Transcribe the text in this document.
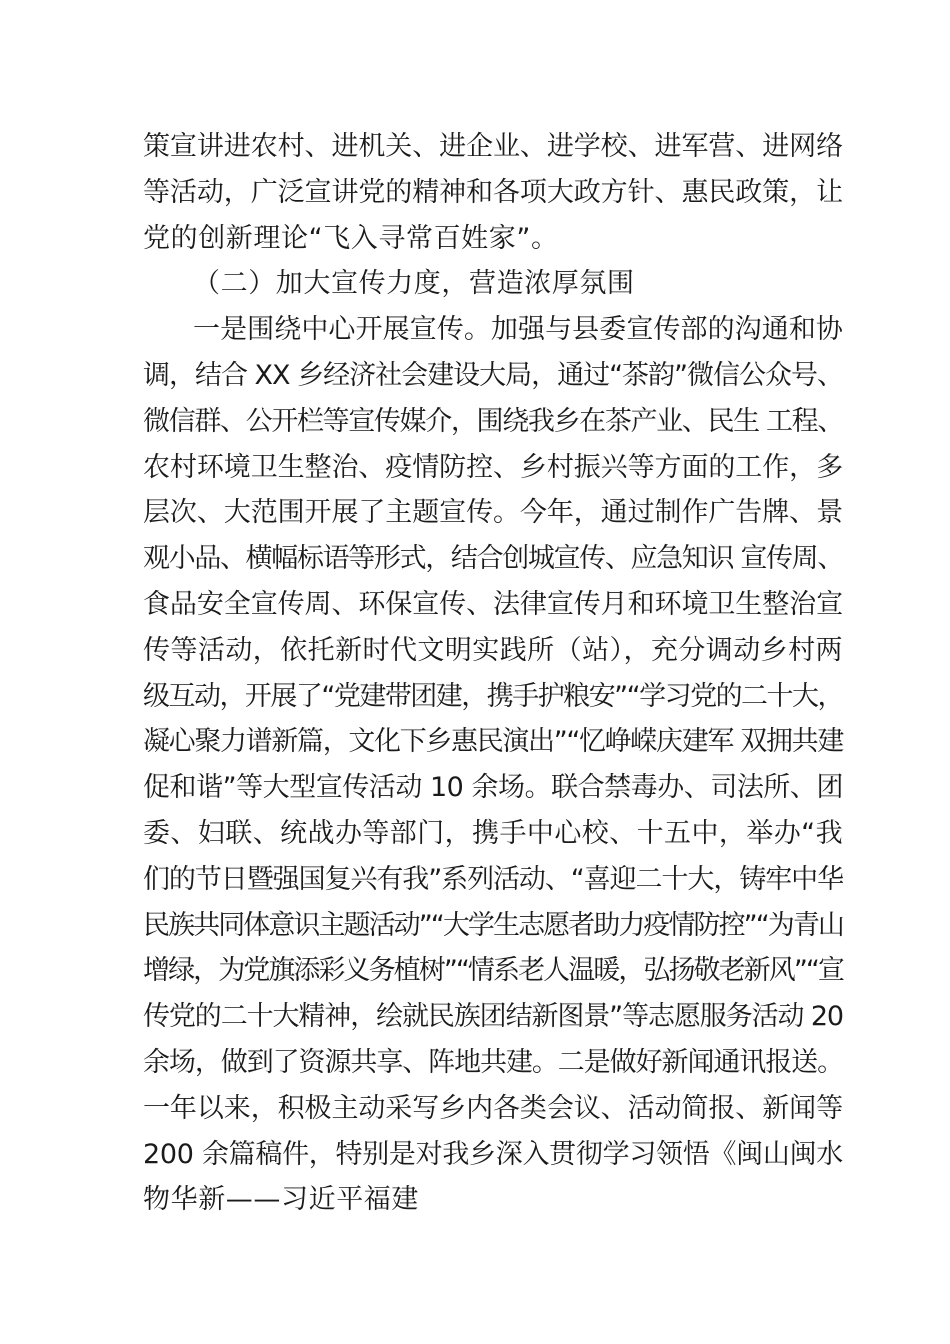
策宣讲进农村、进机关、进企业、进学校、进军营、进网络
等活动，广泛宣讲党的精神和各项大政方针、惠民政策，让
党的创新理论“飞入寻常百姓家”。
（二）加大宣传力度，营造浓厚氛围
一是围绕中心开展宣传。加强与县委宣传部的沟通和协
调，结合 XX 乡经济社会建设大局，通过“茶韵”微信公众号、
微信群、公开栏等宣传媒介，围绕我乡在茶产业、民生 工程、
农村环境卫生整治、疫情防控、乡村振兴等方面的工作，多
层次、大范围开展了主题宣传。今年，通过制作广告牌、景
观小品、横幅标语等形式，结合创城宣传、应急知识 宣传周、
食品安全宣传周、环保宣传、法律宣传月和环境卫生整治宣
传等活动，依托新时代文明实践所（站），充分调动乡村两
级互动，开展了“党建带团建，携手护粮安”“学习党的二十大，
凝心聚力谱新篇，文化下乡惠民演出”“忆峥嵘庆建军 双拥共建
促和谐”等大型宣传活动 10 余场。联合禁毒办、司法所、团
委、妇联、统战办等部门，携手中心校、十五中，举办“我
们的节日暨强国复兴有我”系列活动、“喜迎二十大，铸牢中华
民族共同体意识主题活动”“大学生志愿者助力疫情防控”“为青山
增绿，为党旗添彩义务植树”“情系老人温暖，弘扬敬老新风”“宣
传党的二十大精神，绘就民族团结新图景”等志愿服务活动 20
余场，做到了资源共享、阵地共建。二是做好新闻通讯报送。
一年以来，积极主动采写乡内各类会议、活动简报、新闻等
200 余篇稿件，特别是对我乡深入贯彻学习领悟《闽山闽水
物华新——习近平福建
